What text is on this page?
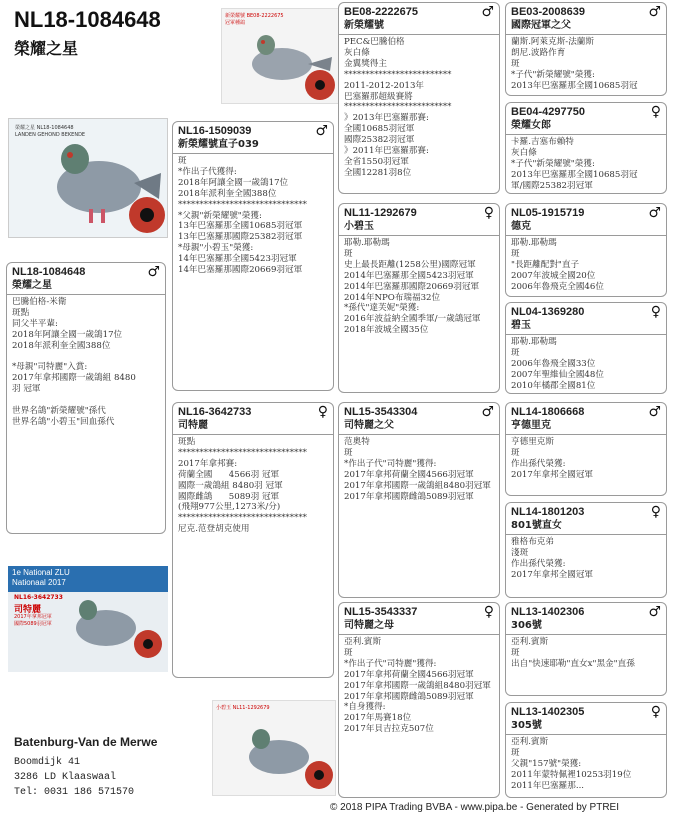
NL18-1084648
榮耀之星
新榮耀號 BE08-2222675
冠軍種鴿
榮耀之星 NL18-1084648
LANDEN GEHOND BEKENDE
1e National ZLU
Nationaal 2017
NL16-3642733
司特麗
2017年拿邦冠軍
國際5089羽冠軍
小碧玉 NL11-1292679
NL18-1084648	♂
榮耀之星
巴騰伯格-米衛
斑點
同父半平輩:
2018年阿讓全國一歲鴿17位
2018年派利奎全國388位

*母親"司特麗"入賞:
2017年拿邦國際一歲鴿組 8480
羽 冠軍

世界名鴿"新榮耀號"孫代
世界名鴿"小碧玉"回血孫代
NL16-1509039	♂
新榮耀號直子039
斑
*作出子代獲得:
2018年阿讓全國一歲鴿17位
2018年派利奎全國388位
******************************
*父親"新榮耀號"榮獲:
13年巴塞羅那全國10685羽冠軍
13年巴塞羅那國際25382羽冠軍
*母親"小碧玉"榮獲:
14年巴塞羅那全國5423羽冠軍
14年巴塞羅那國際20669羽冠軍
NL16-3642733	♀
司特麗
斑點
******************************
2017年拿邦賽:
荷蘭全國      4566羽 冠軍
國際一歲鴿組 8480羽 冠軍
國際雌鴿      5089羽 冠軍
(飛翔977公里,1273米/分)
******************************
尼克.范登胡克使用
BE08-2222675	♂
新榮耀號
PEC&巴騰伯格
灰白條
金翼獎得主
*************************
2011-2012-2013年
巴塞羅那超級賽將
*************************
》2013年巴塞羅那賽:
全國10685羽冠軍
國際25382羽冠軍
》2011年巴塞羅那賽:
全省1550羽冠軍
全國12281羽8位
NL11-1292679	♀
小碧玉
耶勒.耶勒瑪
斑
史上最長距離(1258公里)國際冠軍
2014年巴塞羅那全國5423羽冠軍
2014年巴塞羅那國際20669羽冠軍
2014年NPO布瑞福32位
*孫代"達芙妮"榮獲:
2016年波益納全國季軍/一歲鴿冠軍
2018年波城全國35位
NL15-3543304	♂
司特麗之父
范奧特
斑
*作出子代"司特麗"獲得:
2017年拿邦荷蘭全國4566羽冠軍
2017年拿邦國際一歲鴿組8480羽冠軍
2017年拿邦國際雌鴿5089羽冠軍
NL15-3543337	♀
司特麗之母
亞利.賓斯
斑
*作出子代"司特麗"獲得:
2017年拿邦荷蘭全國4566羽冠軍
2017年拿邦國際一歲鴿組8480羽冠軍
2017年拿邦國際雌鴿5089羽冠軍
*自身獲得:
2017年馬賽18位
2017年貝吉拉克507位
BE03-2008639	♂
國際冠軍之父
蘭斯.阿萊克斯-法蘭斯
朗尼.波路作育
斑
*子代"新榮耀號"榮獲:
2013年巴塞羅那全國10685羽冠
BE04-4297750	♀
榮耀女郎
卡羅.吉塞布賴特
灰白條
*子代"新榮耀號"榮獲:
2013年巴塞羅那全國10685羽冠
軍/國際25382羽冠軍
NL05-1915719	♂
德克
耶勒.耶勒瑪
斑
"長距離配對"直子
2007年波城全國20位
2006年魯飛克全國46位
NL04-1369280	♀
碧玉
耶勒.耶勒瑪
斑
2006年魯飛全國33位
2007年聖維仙全國48位
2010年橘郡全國81位
NL14-1806668	♂
亨德里克
亨德里克斯
斑
作出孫代榮獲:
2017年拿邦全國冠軍
NL14-1801203	♀
801號直女
雅格布克弟
淺斑
作出孫代榮獲:
2017年拿邦全國冠軍
NL13-1402306	♂
306號
亞利.賓斯
斑
出自"快速耶勒"直女x"黑金"直孫
NL13-1402305	♀
305號
亞利.賓斯
斑
父親"157號"榮獲:
2011年蒙特佩裡10253羽19位
2011年巴塞羅那...
Batenburg-Van de Merwe
Boomdijk 41
3286 LD Klaaswaal
Tel: 0031 186 571570
© 2018 PIPA Trading BVBA - www.pipa.be - Generated by PTREI
